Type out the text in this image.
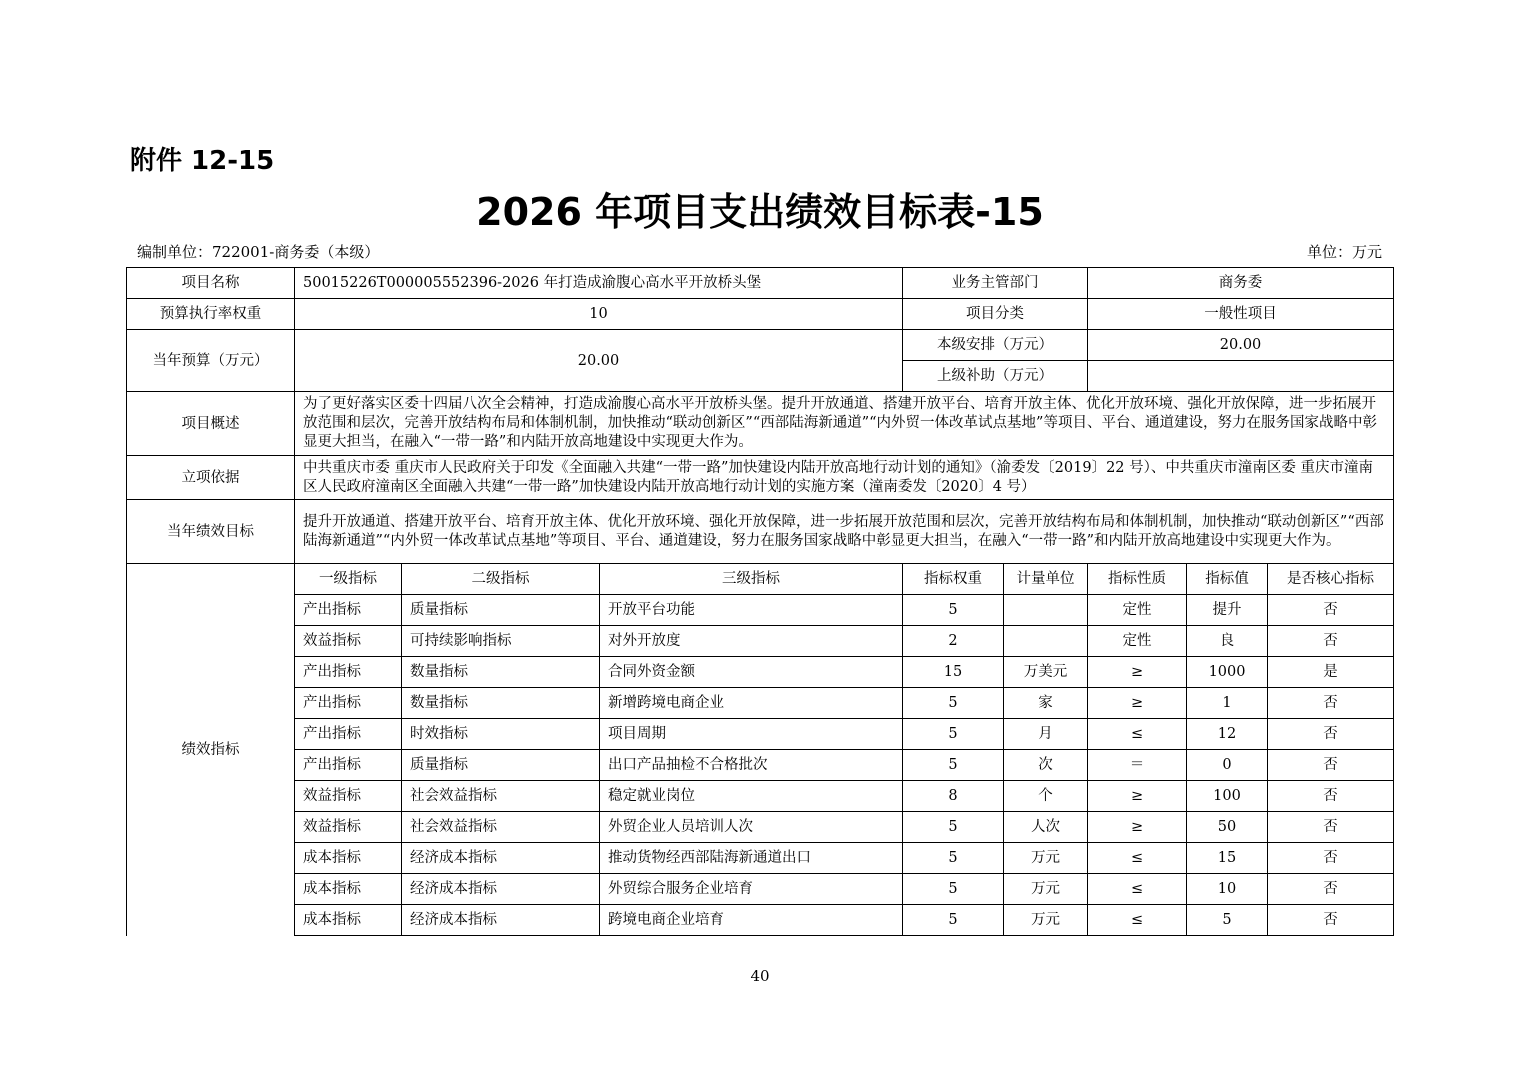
附件 12-15
2026 年项目支出绩效目标表-15
编制单位：722001-商务委（本级）	单位：万元
项目名称	50015226T000005552396-2026 年打造成渝腹心高水平开放桥头堡			业务主管部门		商务委		
预算执行率权重	10			项目分类		一般性项目		
当年预算（万元）	20.00			本级安排（万元）		20.00		
				上级补助（万元）				
项目概述	为了更好落实区委十四届八次全会精神，打造成渝腹心高水平开放桥头堡。提升开放通道、搭建开放平台、培育开放主体、优化开放环境、强化开放保障，进一步拓展开放范围和层次，完善开放结构布局和体制机制，加快推动“联动创新区”“西部陆海新通道”“内外贸一体改革试点基地”等项目、平台、通道建设，努力在服务国家战略中彰显更大担当，在融入“一带一路”和内陆开放高地建设中实现更大作为。							
立项依据	中共重庆市委 重庆市人民政府关于印发《全面融入共建“一带一路”加快建设内陆开放高地行动计划的通知》（渝委发〔2019〕22 号）、中共重庆市潼南区委 重庆市潼南区人民政府潼南区全面融入共建“一带一路”加快建设内陆开放高地行动计划的实施方案（潼南委发〔2020〕4 号）							
当年绩效目标	提升开放通道、搭建开放平台、培育开放主体、优化开放环境、强化开放保障，进一步拓展开放范围和层次，完善开放结构布局和体制机制，加快推动“联动创新区”“西部陆海新通道”“内外贸一体改革试点基地”等项目、平台、通道建设，努力在服务国家战略中彰显更大担当，在融入“一带一路”和内陆开放高地建设中实现更大作为。							
绩效指标	一级指标	二级指标	三级指标	指标权重	计量单位	指标性质	指标值	是否核心指标
	产出指标	质量指标	开放平台功能	5		定性	提升	否
	效益指标	可持续影响指标	对外开放度	2		定性	良	否
	产出指标	数量指标	合同外资金额	15	万美元	≥	1000	是
	产出指标	数量指标	新增跨境电商企业	5	家	≥	1	否
	产出指标	时效指标	项目周期	5	月	≤	12	否
	产出指标	质量指标	出口产品抽检不合格批次	5	次	＝	0	否
	效益指标	社会效益指标	稳定就业岗位	8	个	≥	100	否
	效益指标	社会效益指标	外贸企业人员培训人次	5	人次	≥	50	否
	成本指标	经济成本指标	推动货物经西部陆海新通道出口	5	万元	≤	15	否
	成本指标	经济成本指标	外贸综合服务企业培育	5	万元	≤	10	否
	成本指标	经济成本指标	跨境电商企业培育	5	万元	≤	5	否
40
